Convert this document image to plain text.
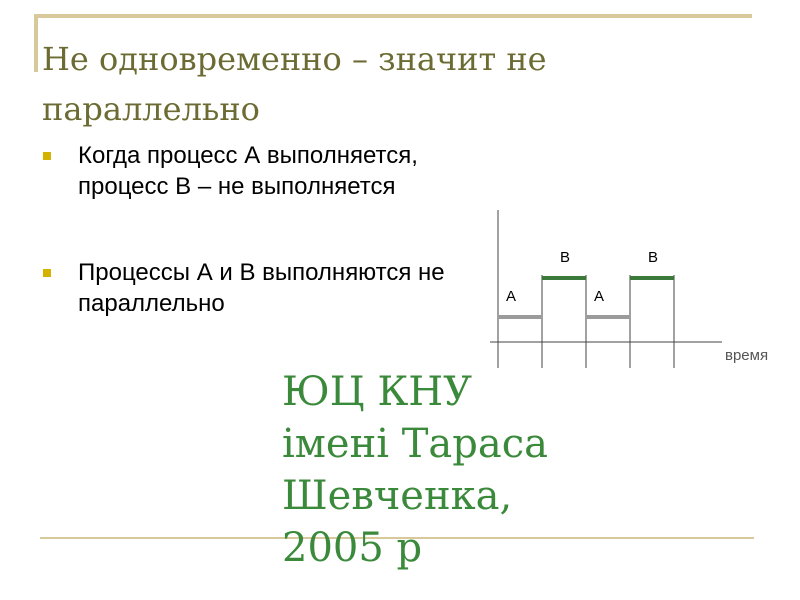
Не одновременно – значит не параллельно
Когда процесс А выполняется, процесс В – не выполняется
Процессы А и В выполняются не параллельно	А
В
А
В
время
ЮЦ КНУ
імені Тараса
Шевченка,
2005 р
